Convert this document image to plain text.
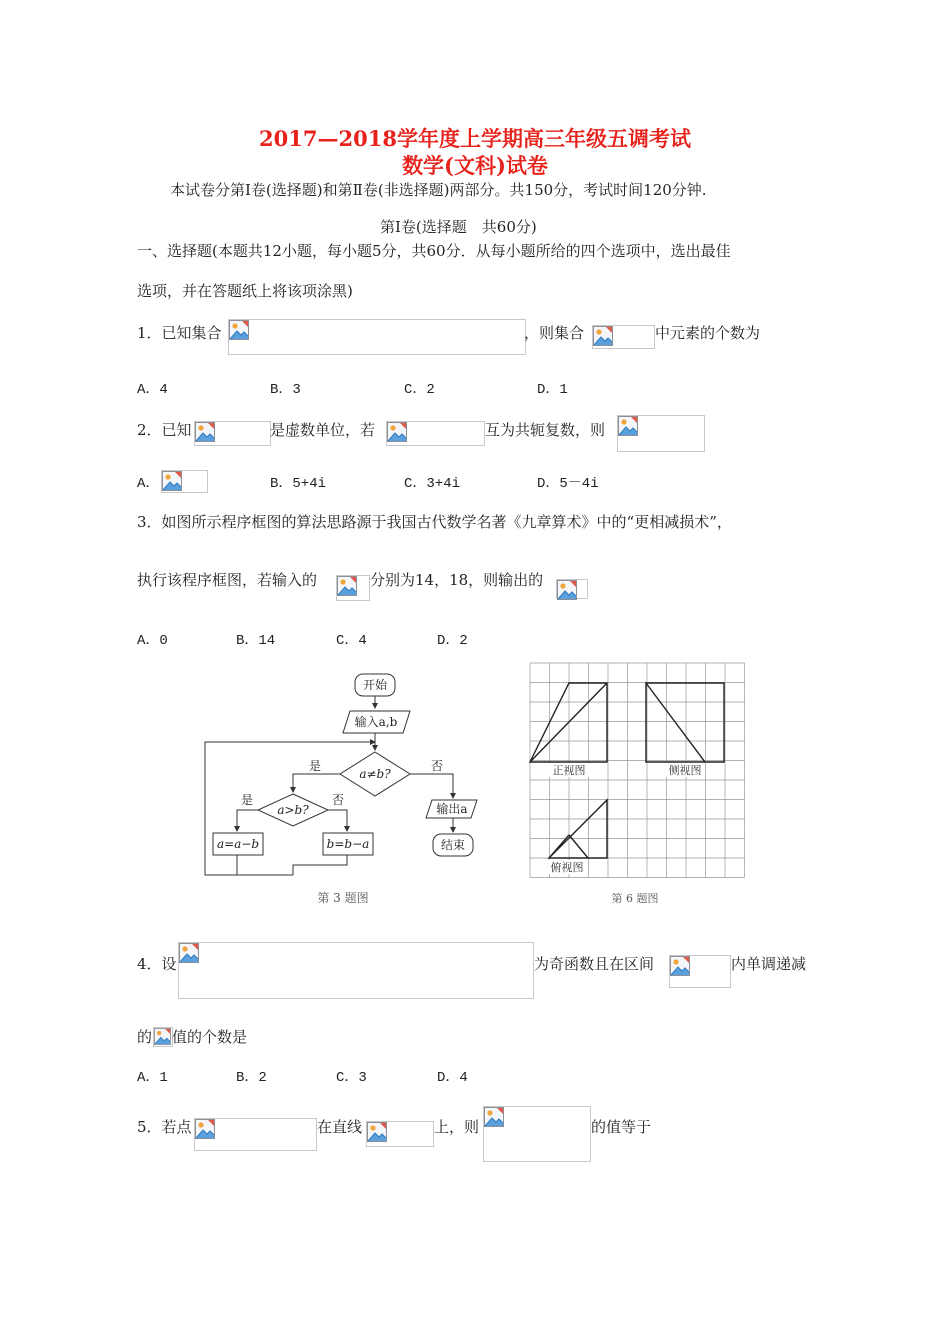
2017—2018学年度上学期高三年级五调考试
数学(文科)试卷
本试卷分第Ⅰ卷(选择题)和第Ⅱ卷(非选择题)两部分。共150分，考试时间120分钟.
第Ⅰ卷(选择题　共60分)
一、选择题(本题共12小题，每小题5分，共60分．从每小题所给的四个选项中，选出最佳
选项，并在答题纸上将该项涂黑)
1．已知集合	，则集合	中元素的个数为
A．4	B．3	C．2	D．1
2．已知	是虚数单位，若	互为共轭复数，则
A．	B．5+4i	C．3+4i	D．5－4i
3．如图所示程序框图的算法思路源于我国古代数学名著《九章算术》中的“更相减损术”，
执行该程序框图，若输入的	分别为14，18，则输出的
A．0	B．14	C．4	D．2
开始
输入a,b
a≠b?
是	否
a>b?
是	否
输出a
a=a−b	b=b−a	结束
第 3 题图
正视图	侧视图
俯视图
第 6 题图
4．设	为奇函数且在区间	内单调递减
的 值的个数是
A．1	B．2	C．3	D．4
5．若点	在直线	上，则	的值等于
